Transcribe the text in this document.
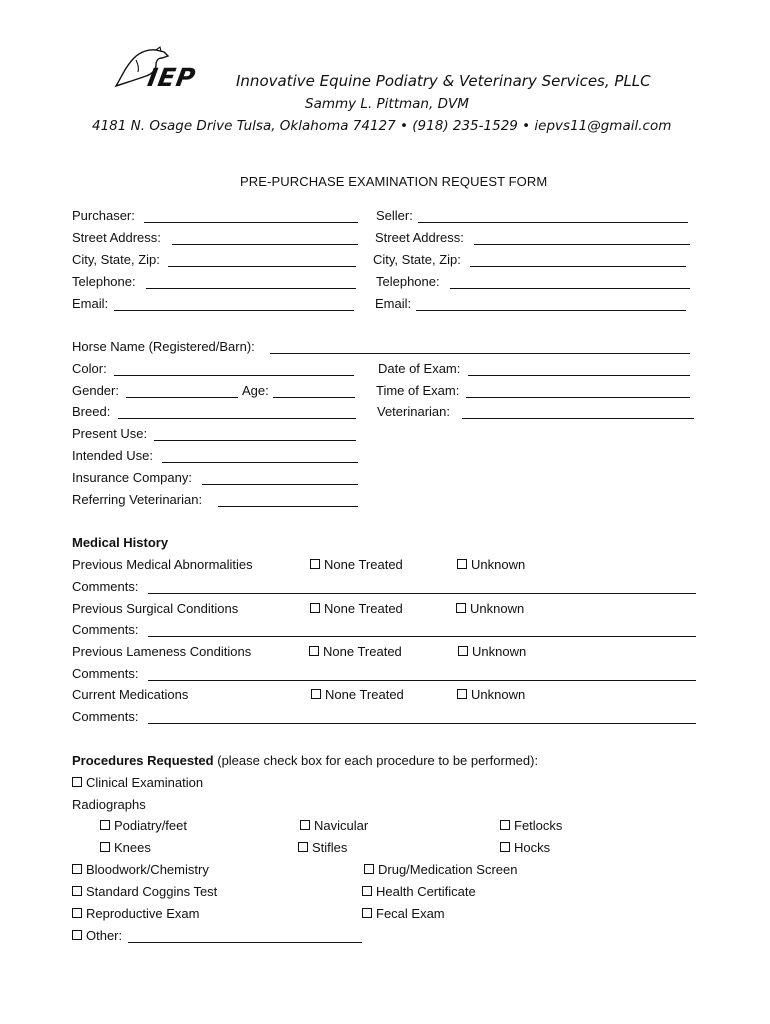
IEP	Innovative Equine Podiatry & Veterinary Services, PLLC
Sammy L. Pittman, DVM
4181 N. Osage Drive Tulsa, Oklahoma 74127 • (918) 235-1529 • iepvs11@gmail.com
PRE-PURCHASE EXAMINATION REQUEST FORM
Purchaser:
Street Address:
City, State, Zip:
Telephone:
Email:
Seller:
Street Address:
City, State, Zip:
Telephone:
Email:
Horse Name (Registered/Barn):
Color:
Gender:	Age:
Breed:
Present Use:
Intended Use:
Insurance Company:
Referring Veterinarian:
Date of Exam:
Time of Exam:
Veterinarian:
Medical History
Previous Medical Abnormalities	None Treated	Unknown
Comments:
Previous Surgical Conditions	None Treated	Unknown
Comments:
Previous Lameness Conditions	None Treated	Unknown
Comments:
Current Medications	None Treated	Unknown
Comments:
Procedures Requested (please check box for each procedure to be performed):
Clinical Examination
Radiographs
Podiatry/feet	Navicular	Fetlocks
Knees	Stifles	Hocks
Bloodwork/Chemistry	Drug/Medication Screen
Standard Coggins Test	Health Certificate
Reproductive Exam	Fecal Exam
Other:
